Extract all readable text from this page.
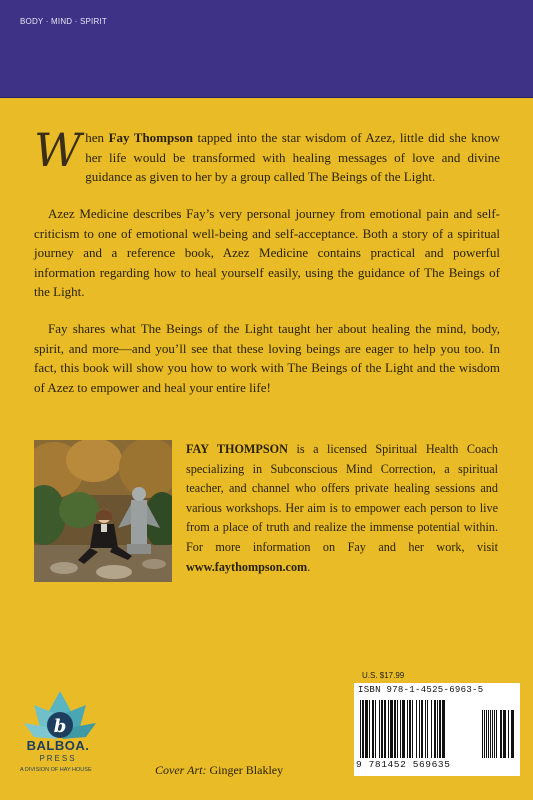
BODY · MIND · SPIRIT
When Fay Thompson tapped into the star wisdom of Azez, little did she know her life would be transformed with healing messages of love and divine guidance as given to her by a group called The Beings of the Light.
Azez Medicine describes Fay’s very personal journey from emotional pain and self-criticism to one of emotional well-being and self-acceptance. Both a story of a spiritual journey and a reference book, Azez Medicine contains practical and powerful information regarding how to heal yourself easily, using the guidance of The Beings of the Light.
Fay shares what The Beings of the Light taught her about healing the mind, body, spirit, and more—and you’ll see that these loving beings are eager to help you too. In fact, this book will show you how to work with The Beings of the Light and the wisdom of Azez to empower and heal your entire life!
FAY THOMPSON is a licensed Spiritual Health Coach specializing in Subconscious Mind Correction, a spiritual teacher, and channel who offers private healing sessions and various workshops. Her aim is to empower each person to live from a place of truth and realize the immense potential within. For more information on Fay and her work, visit www.faythompson.com.
U.S. $17.99
ISBN 978-1-4525-6963-5
9 781452 569635
b
BALBOA.
PRESS
A DIVISION OF HAY HOUSE	Cover Art: Ginger Blakley
